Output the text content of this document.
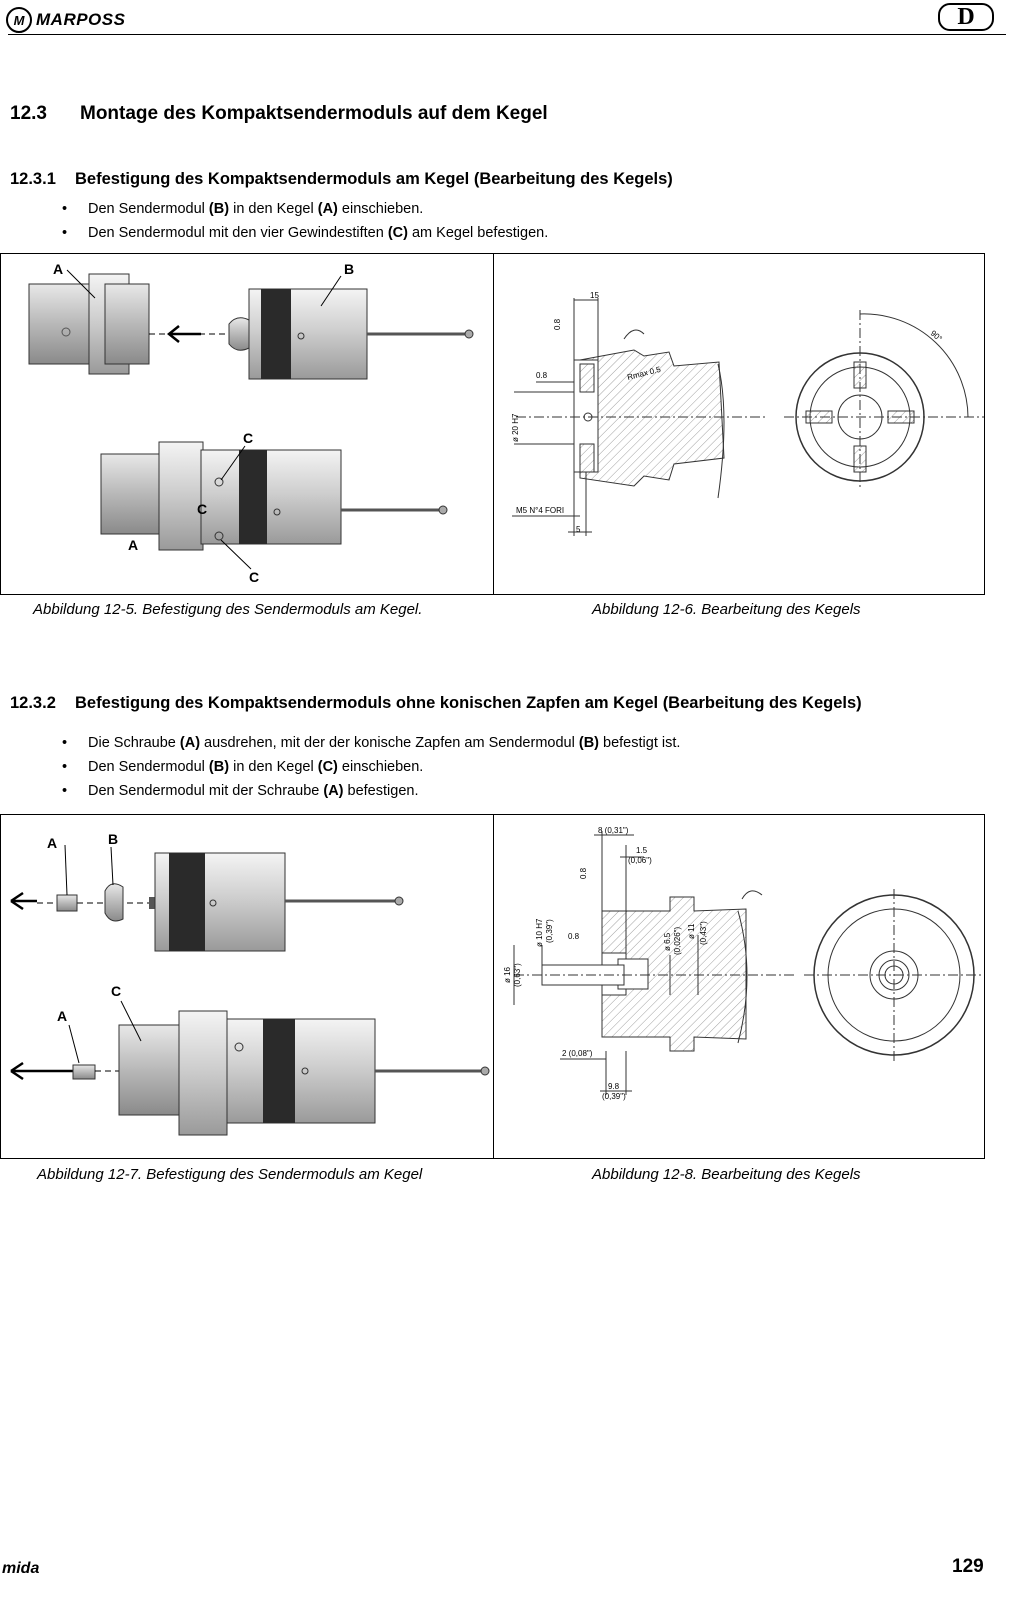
M MARPOSS	D
12.3 Montage des Kompaktsendermoduls auf dem Kegel
12.3.1 Befestigung des Kompaktsendermoduls am Kegel (Bearbeitung des Kegels)
• Den Sendermodul (B) in den Kegel (A) einschieben.
• Den Sendermodul mit den vier Gewindestiften (C) am Kegel befestigen.
A	B
C
C
A
C
15
0.8
0.8	Rmax 0.5
ø 20 H7
M5 N°4 FORI
5
90°
Abbildung 12-5. Befestigung des Sendermoduls am Kegel.	Abbildung 12-6. Bearbeitung des Kegels
12.3.2 Befestigung des Kompaktsendermoduls ohne konischen Zapfen am Kegel (Bearbeitung des Kegels)
• Die Schraube (A) ausdrehen, mit der der konische Zapfen am Sendermodul (B) befestigt ist.
• Den Sendermodul (B) in den Kegel (C) einschieben.
• Den Sendermodul mit der Schraube (A) befestigen.
A	B
C
A
8 (0,31")
1.5
(0,06")
0.8
ø 10 H7 (0,39") 0.8
ø 16 (0,63")
ø 6.5 (0,026") ø 11 (0,43")
2 (0,08")
9.8
(0,39")
Abbildung 12-7. Befestigung des Sendermoduls am Kegel	Abbildung 12-8. Bearbeitung des Kegels
mida	129
